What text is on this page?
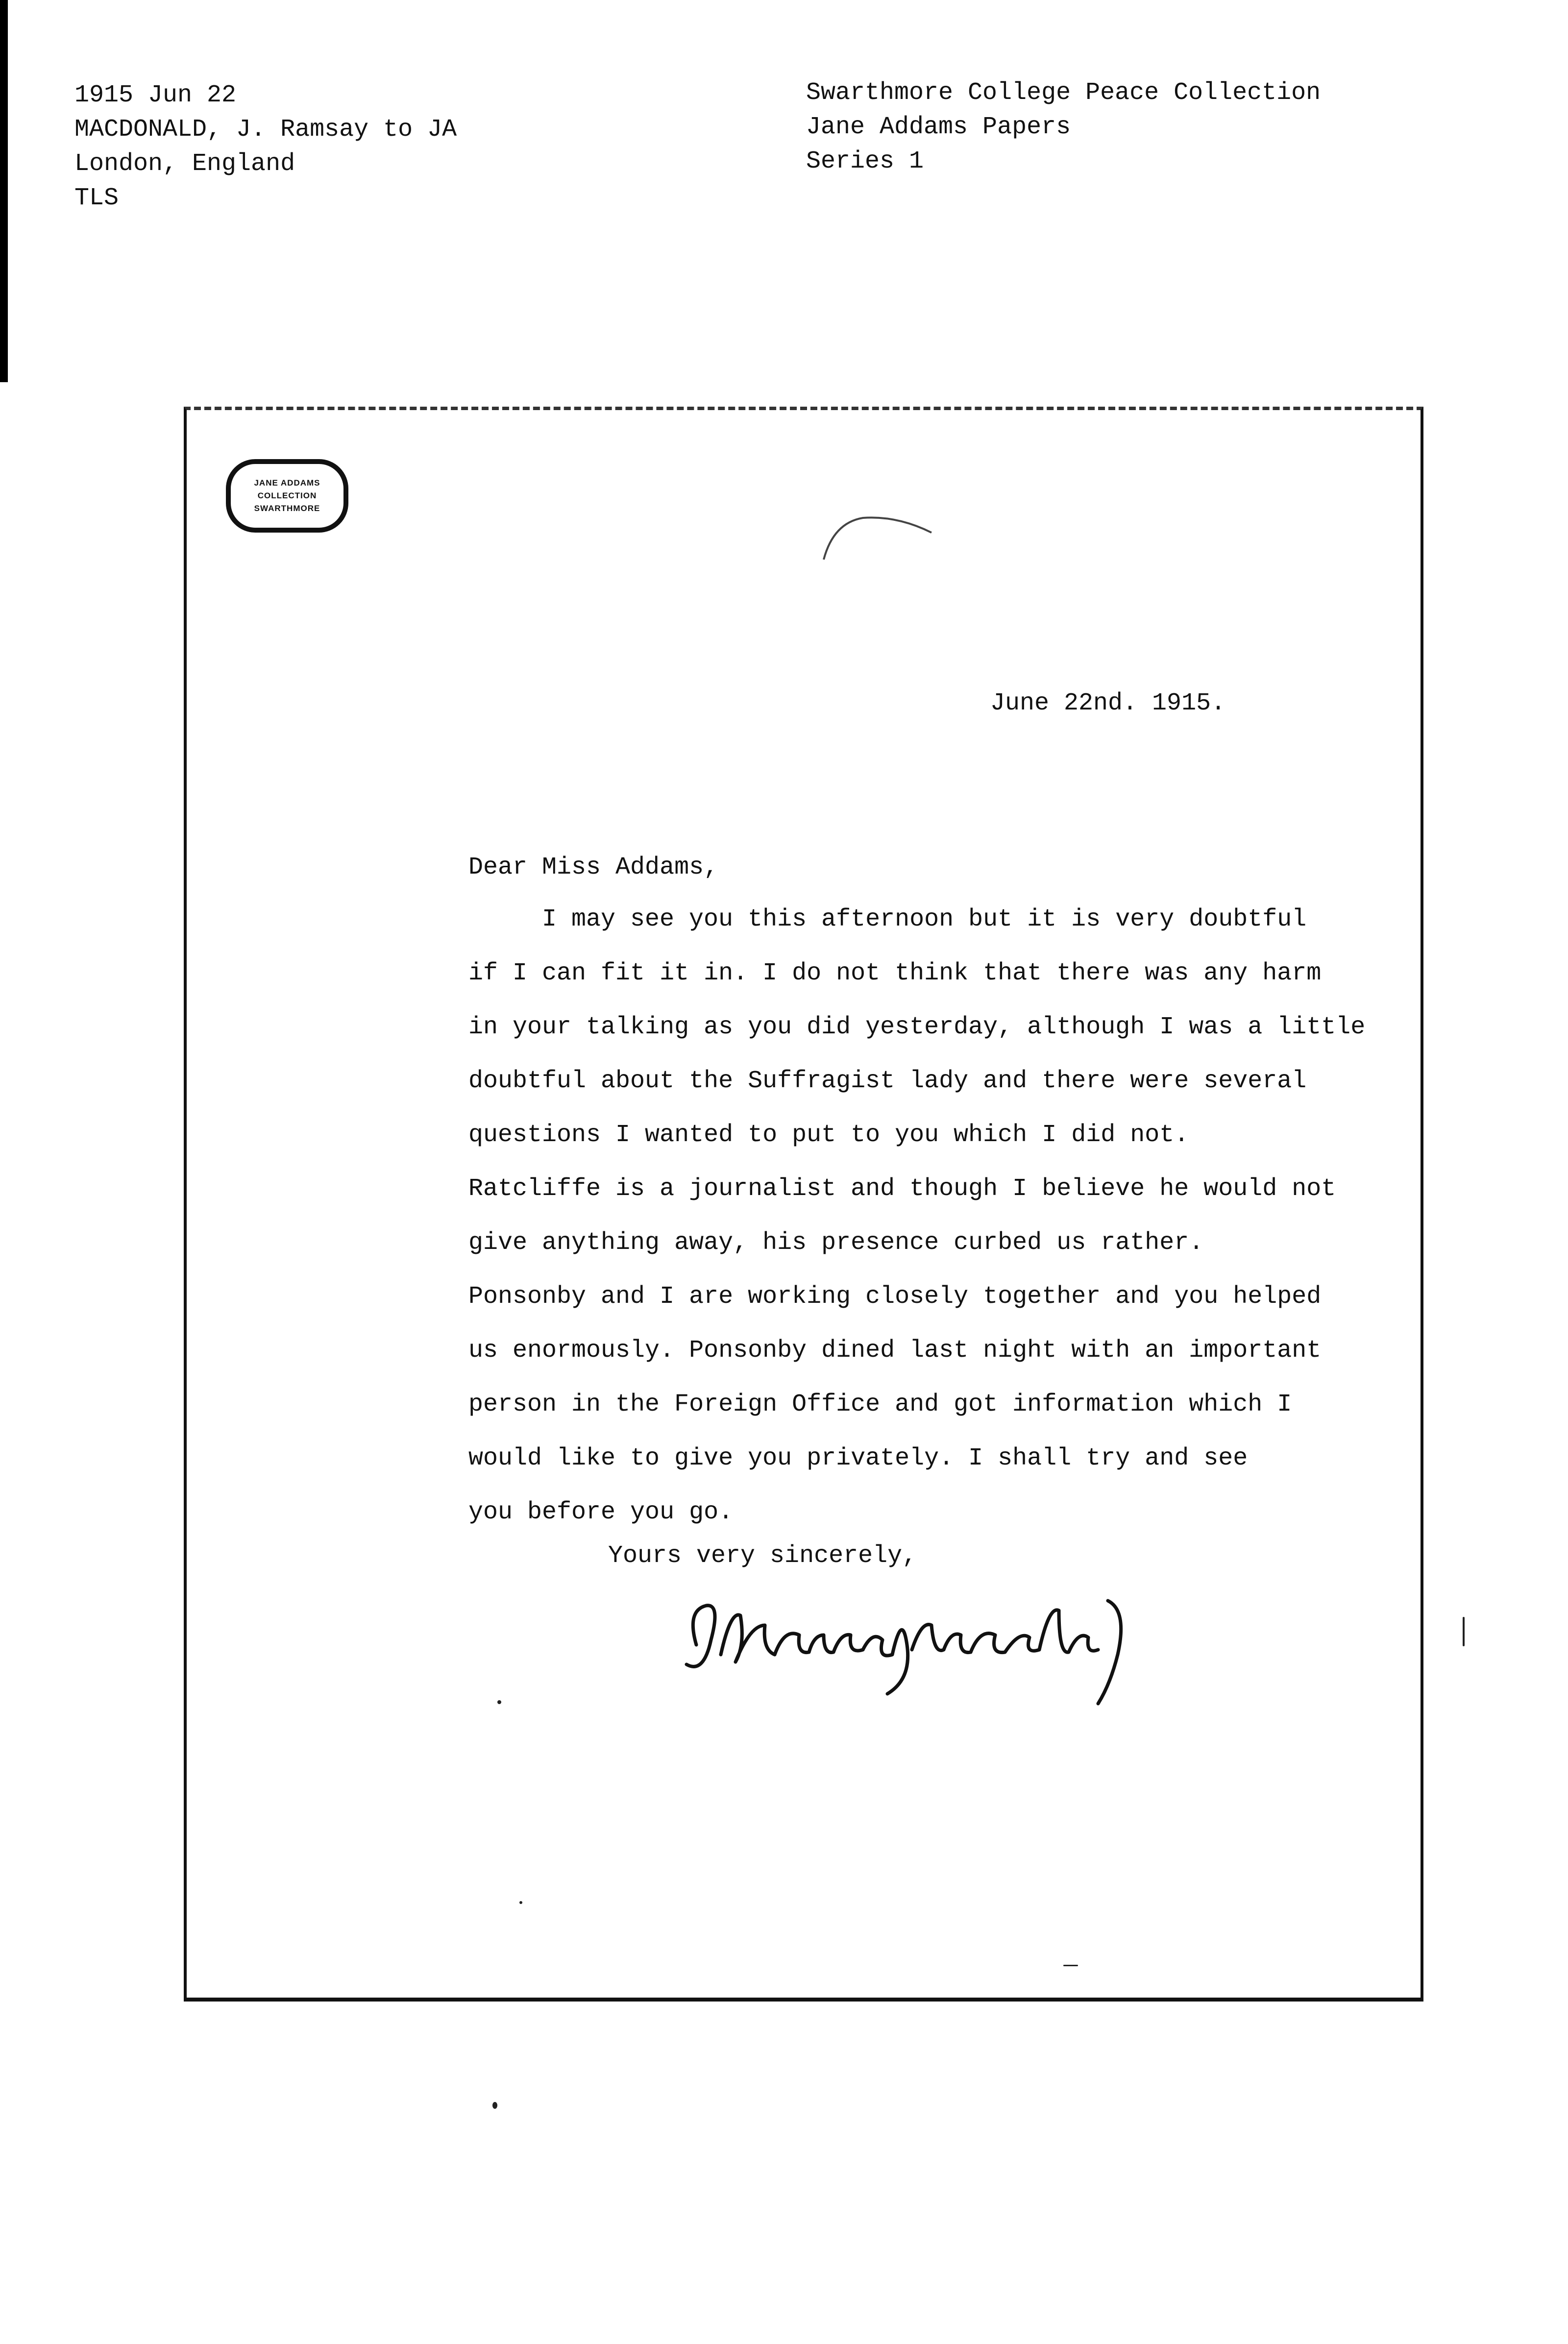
1915 Jun 22
MACDONALD, J. Ramsay to JA
London, England
TLS
Swarthmore College Peace Collection
Jane Addams Papers
Series 1
JANE ADDAMS
COLLECTION
SWARTHMORE
June 22nd. 1915.
Dear Miss Addams,
I may see you this afternoon but it is very doubtful
if I can fit it in. I do not think that there was any harm
in your talking as you did yesterday, although I was a little
doubtful about the Suffragist lady and there were several
questions I wanted to put to you which I did not.
Ratcliffe is a journalist and though I believe he would not
give anything away, his presence curbed us rather.
Ponsonby and I are working closely together and you helped
us enormously. Ponsonby dined last night with an important
person in the Foreign Office and got information which I
would like to give you privately. I shall try and see
you before you go.
Yours very sincerely,
